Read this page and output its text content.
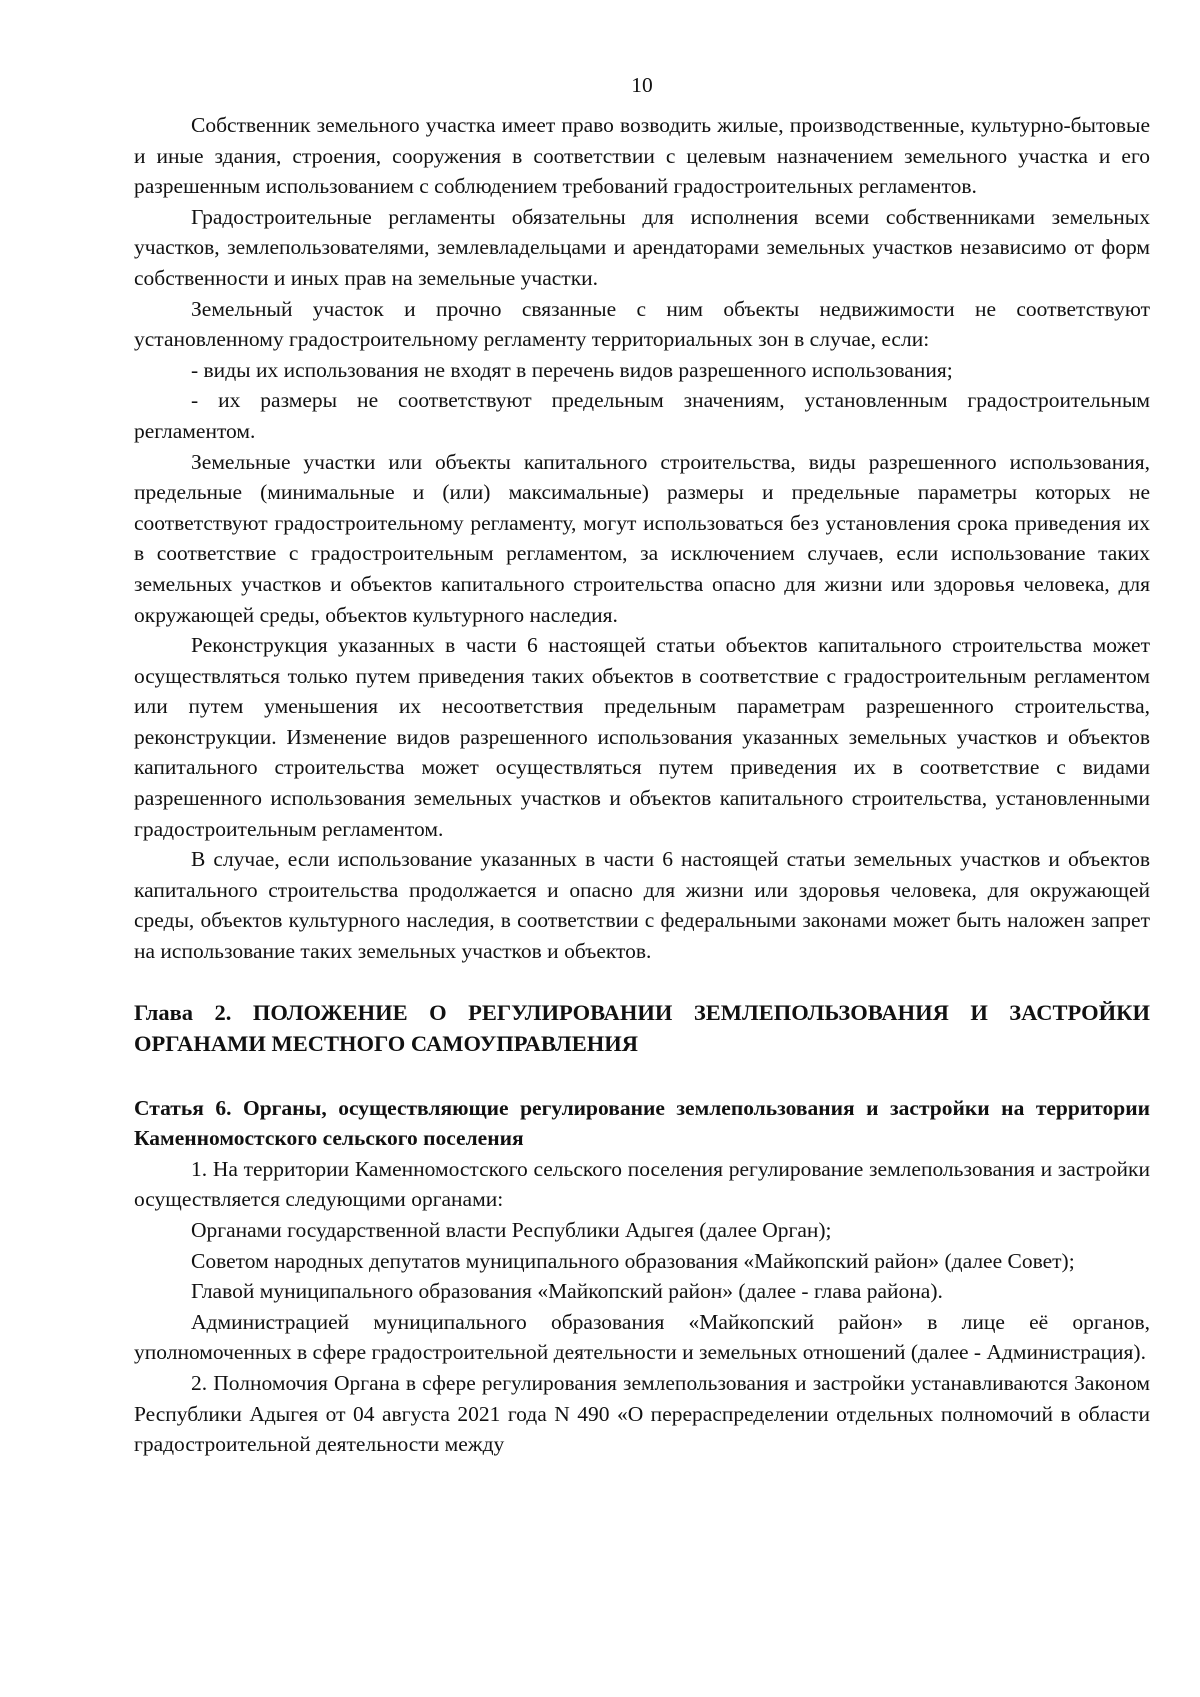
10

Собственник земельного участка имеет право возводить жилые, производственные, культурно-бытовые и иные здания, строения, сооружения в соответствии с целевым назначением земельного участка и его разрешенным использованием с соблюдением требований градостроительных регламентов.

Градостроительные регламенты обязательны для исполнения всеми собственниками земельных участков, землепользователями, землевладельцами и арендаторами земельных участков независимо от форм собственности и иных прав на земельные участки.

Земельный участок и прочно связанные с ним объекты недвижимости не соответствуют установленному градостроительному регламенту территориальных зон в случае, если:

- виды их использования не входят в перечень видов разрешенного использования;

- их размеры не соответствуют предельным значениям, установленным градостроительным регламентом.

Земельные участки или объекты капитального строительства, виды разрешенного использования, предельные (минимальные и (или) максимальные) размеры и предельные параметры которых не соответствуют градостроительному регламенту, могут использоваться без установления срока приведения их в соответствие с градостроительным регламентом, за исключением случаев, если использование таких земельных участков и объектов капитального строительства опасно для жизни или здоровья человека, для окружающей среды, объектов культурного наследия.

Реконструкция указанных в части 6 настоящей статьи объектов капитального строительства может осуществляться только путем приведения таких объектов в соответствие с градостроительным регламентом или путем уменьшения их несоответствия предельным параметрам разрешенного строительства, реконструкции. Изменение видов разрешенного использования указанных земельных участков и объектов капитального строительства может осуществляться путем приведения их в соответствие с видами разрешенного использования земельных участков и объектов капитального строительства, установленными градостроительным регламентом.

В случае, если использование указанных в части 6 настоящей статьи земельных участков и объектов капитального строительства продолжается и опасно для жизни или здоровья человека, для окружающей среды, объектов культурного наследия, в соответствии с федеральными законами может быть наложен запрет на использование таких земельных участков и объектов.

Глава 2. ПОЛОЖЕНИЕ О РЕГУЛИРОВАНИИ ЗЕМЛЕПОЛЬЗОВАНИЯ И ЗАСТРОЙКИ ОРГАНАМИ МЕСТНОГО САМОУПРАВЛЕНИЯ
Статья 6. Органы, осуществляющие регулирование землепользования и застройки на территории Каменномостского сельского поселения

1. На территории Каменномостского сельского поселения регулирование землепользования и застройки осуществляется следующими органами:

Органами государственной власти Республики Адыгея (далее Орган);

Советом народных депутатов муниципального образования «Майкопский район» (далее Совет);

Главой муниципального образования «Майкопский район» (далее - глава района).

Администрацией муниципального образования «Майкопский район» в лице её органов, уполномоченных в сфере градостроительной деятельности и земельных отношений (далее - Администрация).

2. Полномочия Органа в сфере регулирования землепользования и застройки устанавливаются Законом Республики Адыгея от 04 августа 2021 года N 490 «О перераспределении отдельных полномочий в области градостроительной деятельности между
